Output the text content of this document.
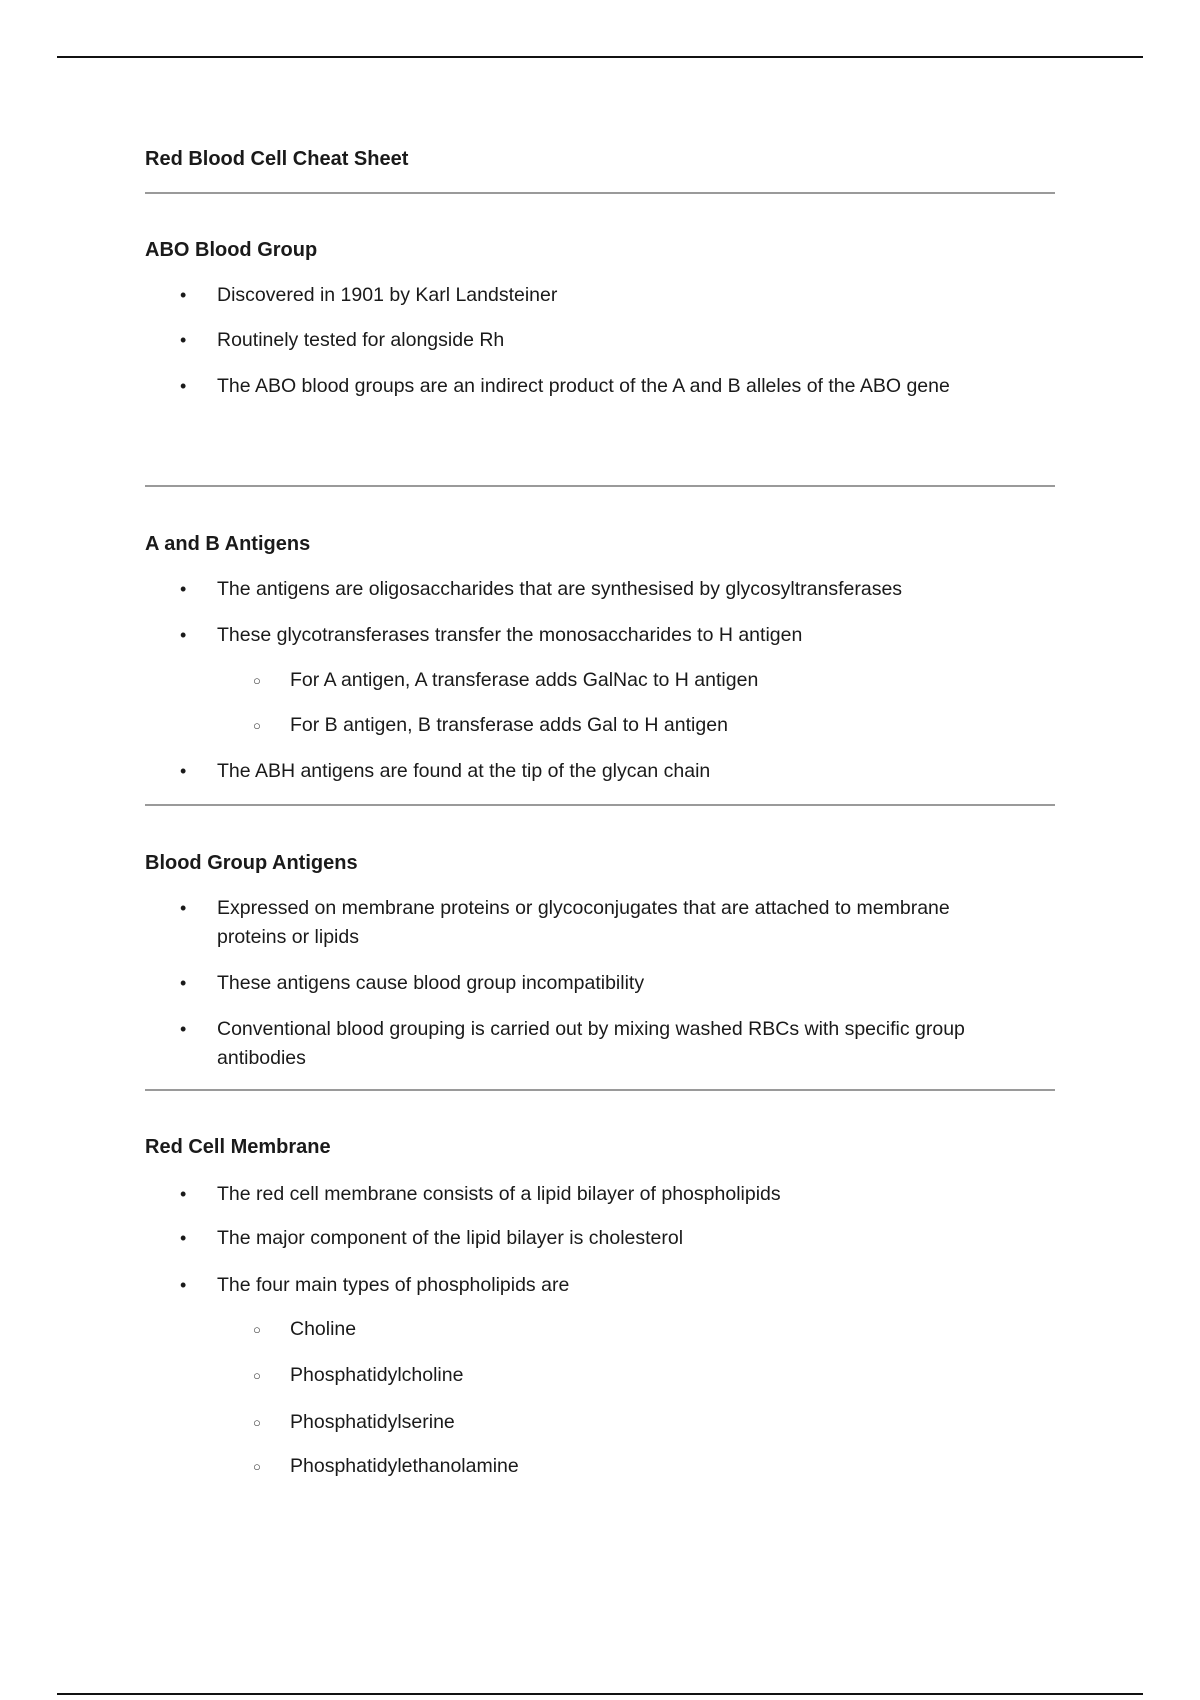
Red Blood Cell Cheat Sheet
ABO Blood Group
• Discovered in 1901 by Karl Landsteiner
• Routinely tested for alongside Rh
• The ABO blood groups are an indirect product of the A and B alleles of the ABO gene
A and B Antigens
• The antigens are oligosaccharides that are synthesised by glycosyltransferases
• These glycotransferases transfer the monosaccharides to H antigen
○ For A antigen, A transferase adds GalNac to H antigen
○ For B antigen, B transferase adds Gal to H antigen
• The ABH antigens are found at the tip of the glycan chain
Blood Group Antigens
• Expressed on membrane proteins or glycoconjugates that are attached to membrane proteins or lipids
• These antigens cause blood group incompatibility
• Conventional blood grouping is carried out by mixing washed RBCs with specific group antibodies
Red Cell Membrane
• The red cell membrane consists of a lipid bilayer of phospholipids
• The major component of the lipid bilayer is cholesterol
• The four main types of phospholipids are
○ Choline
○ Phosphatidylcholine
○ Phosphatidylserine
○ Phosphatidylethanolamine
